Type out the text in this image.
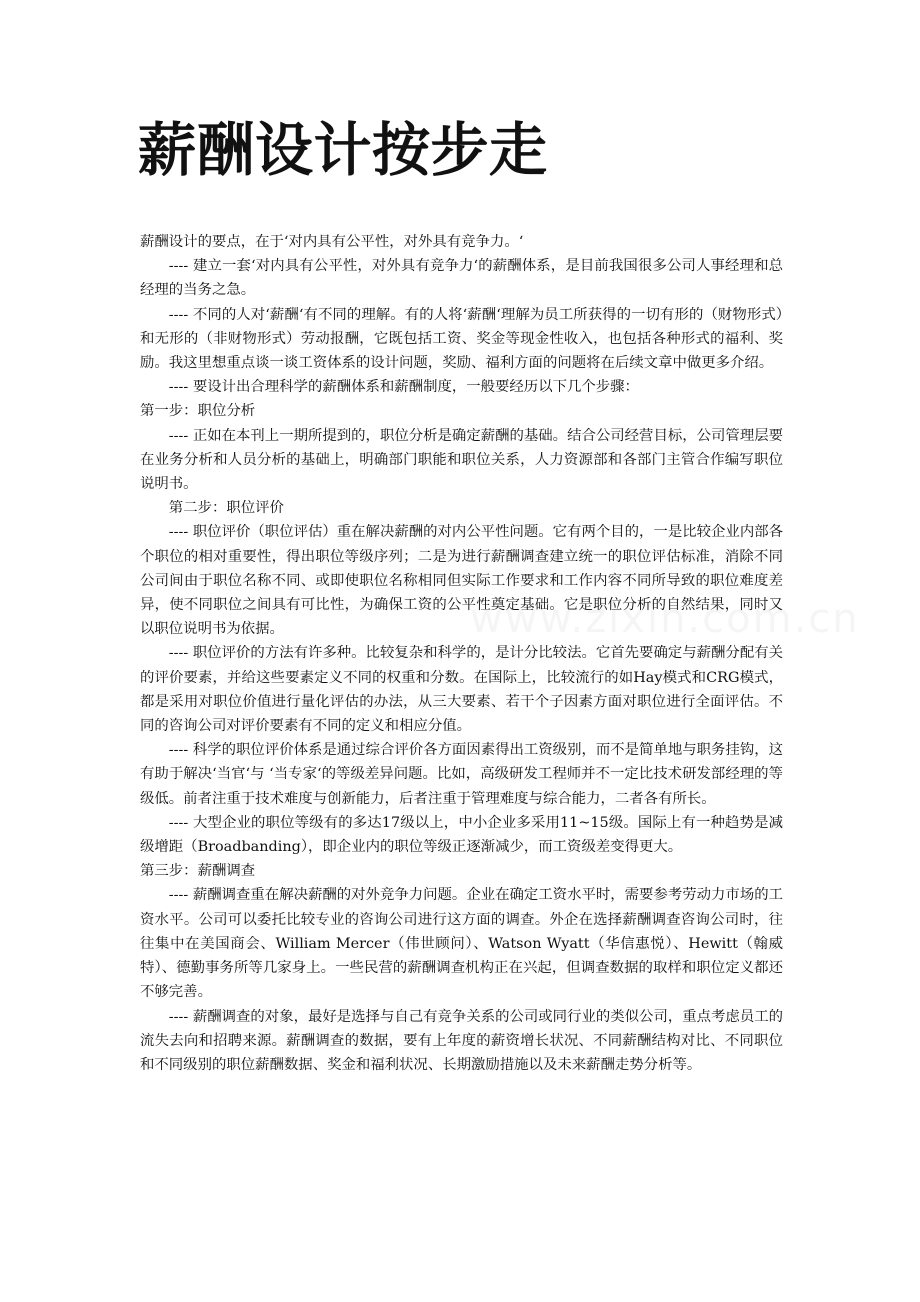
薪酬设计按步走

薪酬设计的要点，在于‘对内具有公平性，对外具有竞争力。‘

---- 建立一套‘对内具有公平性，对外具有竞争力‘的薪酬体系，是目前我国很多公司人事经理和总经理的当务之急。

---- 不同的人对‘薪酬‘有不同的理解。有的人将‘薪酬‘理解为员工所获得的一切有形的（财物形式）和无形的（非财物形式）劳动报酬，它既包括工资、奖金等现金性收入，也包括各种形式的福利、奖励。我这里想重点谈一谈工资体系的设计问题，奖励、福利方面的问题将在后续文章中做更多介绍。

---- 要设计出合理科学的薪酬体系和薪酬制度，一般要经历以下几个步骤：

第一步：职位分析

---- 正如在本刊上一期所提到的，职位分析是确定薪酬的基础。结合公司经营目标，公司管理层要在业务分析和人员分析的基础上，明确部门职能和职位关系，人力资源部和各部门主管合作编写职位说明书。

第二步：职位评价

---- 职位评价（职位评估）重在解决薪酬的对内公平性问题。它有两个目的，一是比较企业内部各个职位的相对重要性，得出职位等级序列；二是为进行薪酬调查建立统一的职位评估标准，消除不同公司间由于职位名称不同、或即使职位名称相同但实际工作要求和工作内容不同所导致的职位难度差异，使不同职位之间具有可比性，为确保工资的公平性奠定基础。它是职位分析的自然结果，同时又以职位说明书为依据。

---- 职位评价的方法有许多种。比较复杂和科学的，是计分比较法。它首先要确定与薪酬分配有关的评价要素，并给这些要素定义不同的权重和分数。在国际上，比较流行的如Hay模式和CRG模式，都是采用对职位价值进行量化评估的办法，从三大要素、若干个子因素方面对职位进行全面评估。不同的咨询公司对评价要素有不同的定义和相应分值。

---- 科学的职位评价体系是通过综合评价各方面因素得出工资级别，而不是简单地与职务挂钩，这有助于解决‘当官‘与 ‘当专家‘的等级差异问题。比如，高级研发工程师并不一定比技术研发部经理的等级低。前者注重于技术难度与创新能力，后者注重于管理难度与综合能力，二者各有所长。

---- 大型企业的职位等级有的多达17级以上，中小企业多采用11~15级。国际上有一种趋势是减级增距（Broadbanding），即企业内的职位等级正逐渐减少，而工资级差变得更大。

第三步：薪酬调查

---- 薪酬调查重在解决薪酬的对外竞争力问题。企业在确定工资水平时，需要参考劳动力市场的工资水平。公司可以委托比较专业的咨询公司进行这方面的调查。外企在选择薪酬调查咨询公司时，往往集中在美国商会、William Mercer（伟世顾问）、Watson Wyatt（华信惠悦）、Hewitt（翰威特）、德勤事务所等几家身上。一些民营的薪酬调查机构正在兴起，但调查数据的取样和职位定义都还不够完善。

---- 薪酬调查的对象，最好是选择与自己有竞争关系的公司或同行业的类似公司，重点考虑员工的流失去向和招聘来源。薪酬调查的数据，要有上年度的薪资增长状况、不同薪酬结构对比、不同职位和不同级别的职位薪酬数据、奖金和福利状况、长期激励措施以及未来薪酬走势分析等。
